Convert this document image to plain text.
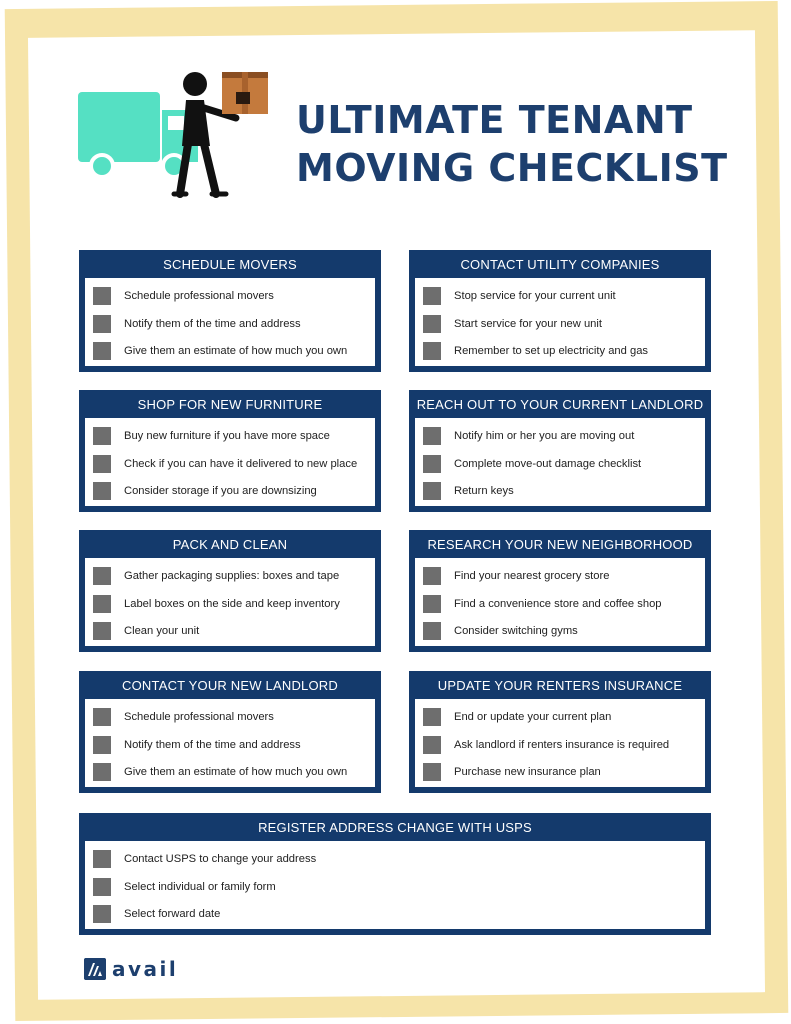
ULTIMATE TENANT
MOVING CHECKLIST
SCHEDULE MOVERS
Schedule professional movers
Notify them of the time and address
Give them an estimate of how much you own
CONTACT UTILITY COMPANIES
Stop service for your current unit
Start service for your new unit
Remember to set up electricity and gas
SHOP FOR NEW FURNITURE
Buy new furniture if you have more space
Check if you can have it delivered to new place
Consider storage if you are downsizing
REACH OUT TO YOUR CURRENT LANDLORD
Notify him or her you are moving out
Complete move-out damage checklist
Return keys
PACK AND CLEAN
Gather packaging supplies: boxes and tape
Label boxes on the side and keep inventory
Clean your unit
RESEARCH YOUR NEW NEIGHBORHOOD
Find your nearest grocery store
Find a convenience store and coffee shop
Consider switching gyms
CONTACT YOUR NEW LANDLORD
Schedule professional movers
Notify them of the time and address
Give them an estimate of how much you own
UPDATE YOUR RENTERS INSURANCE
End or update your current plan
Ask landlord if renters insurance is required
Purchase new insurance plan
REGISTER ADDRESS CHANGE WITH USPS
Contact USPS to change your address
Select individual or family form
Select forward date
avail
